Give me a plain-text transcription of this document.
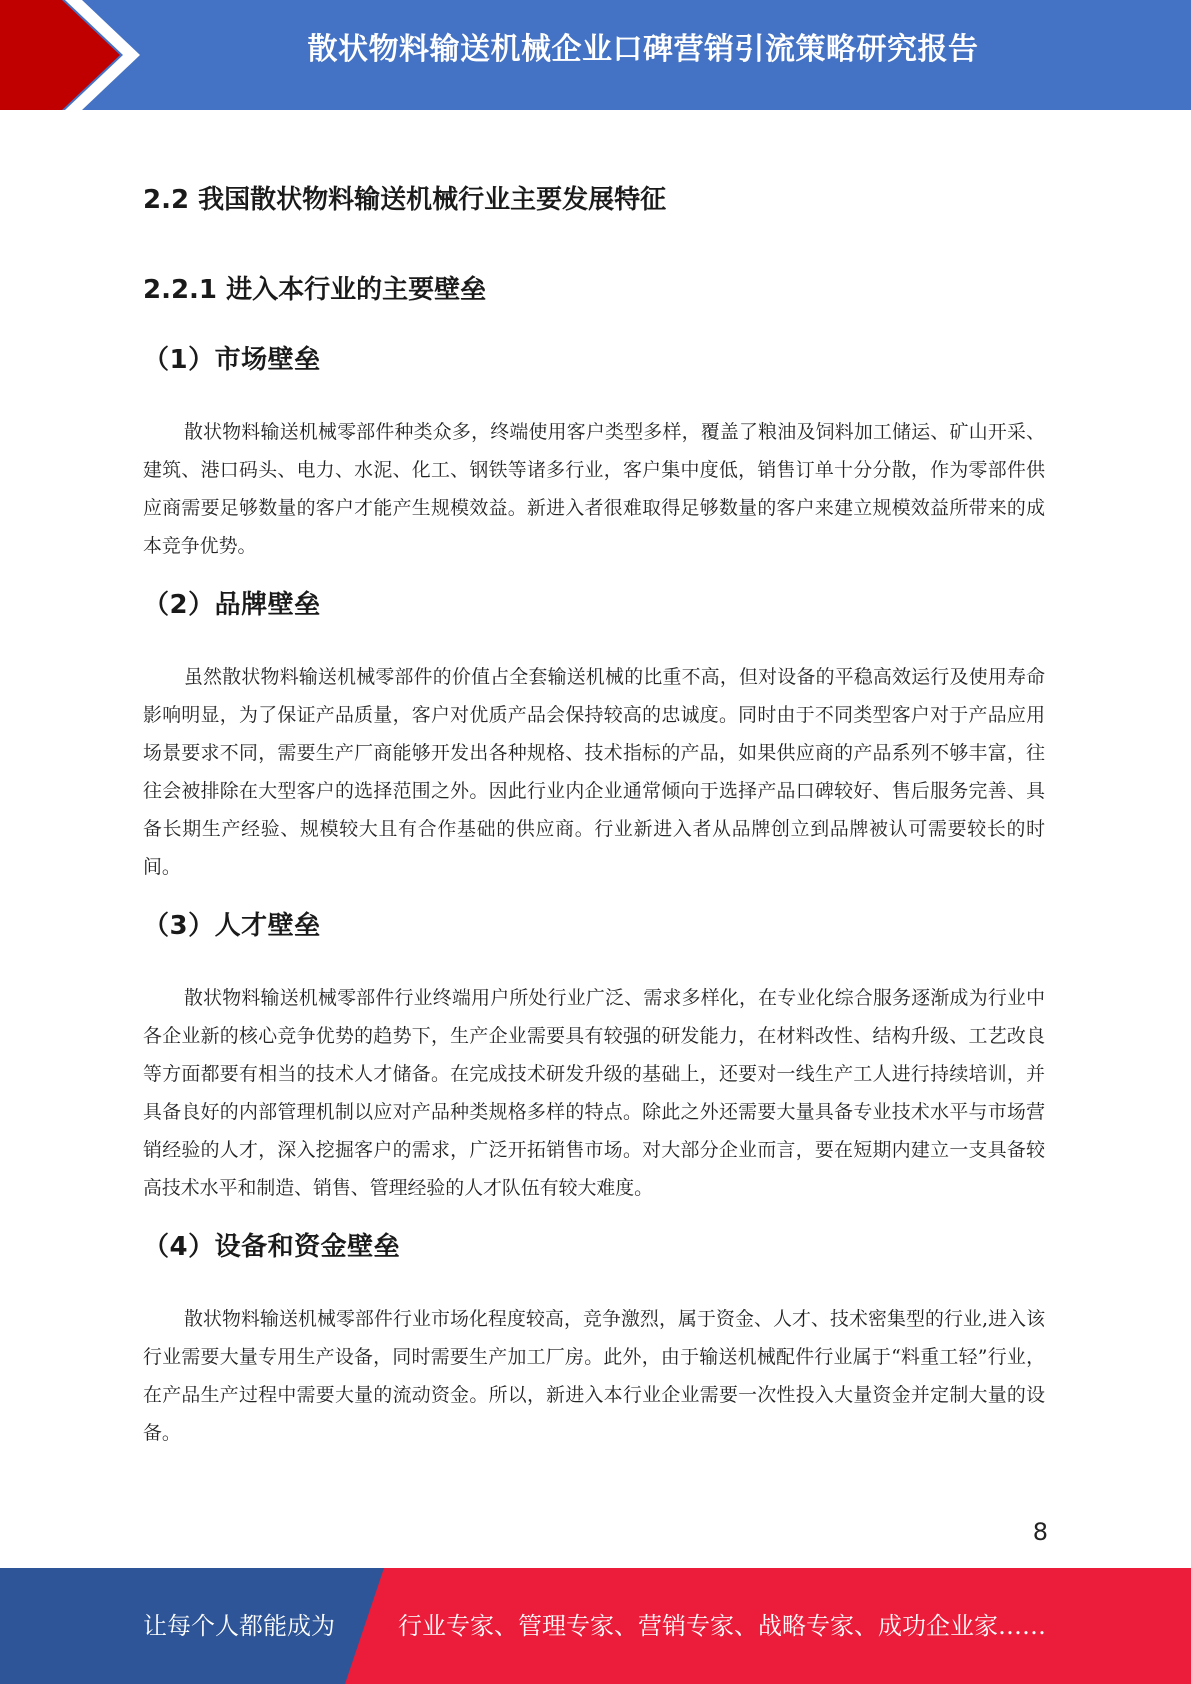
散状物料输送机械企业口碑营销引流策略研究报告
2.2 我国散状物料输送机械行业主要发展特征
2.2.1 进入本行业的主要壁垒
（1）市场壁垒

散状物料输送机械零部件种类众多，终端使用客户类型多样，覆盖了粮油及饲料加工储运、矿山开采、建筑、港口码头、电力、水泥、化工、钢铁等诸多行业，客户集中度低，销售订单十分分散，作为零部件供应商需要足够数量的客户才能产生规模效益。新进入者很难取得足够数量的客户来建立规模效益所带来的成本竞争优势。

（2）品牌壁垒

虽然散状物料输送机械零部件的价值占全套输送机械的比重不高，但对设备的平稳高效运行及使用寿命影响明显，为了保证产品质量，客户对优质产品会保持较高的忠诚度。同时由于不同类型客户对于产品应用场景要求不同，需要生产厂商能够开发出各种规格、技术指标的产品，如果供应商的产品系列不够丰富，往往会被排除在大型客户的选择范围之外。因此行业内企业通常倾向于选择产品口碑较好、售后服务完善、具备长期生产经验、规模较大且有合作基础的供应商。行业新进入者从品牌创立到品牌被认可需要较长的时间。

（3）人才壁垒

散状物料输送机械零部件行业终端用户所处行业广泛、需求多样化，在专业化综合服务逐渐成为行业中各企业新的核心竞争优势的趋势下，生产企业需要具有较强的研发能力，在材料改性、结构升级、工艺改良等方面都要有相当的技术人才储备。在完成技术研发升级的基础上，还要对一线生产工人进行持续培训，并具备良好的内部管理机制以应对产品种类规格多样的特点。除此之外还需要大量具备专业技术水平与市场营销经验的人才，深入挖掘客户的需求，广泛开拓销售市场。对大部分企业而言，要在短期内建立一支具备较高技术水平和制造、销售、管理经验的人才队伍有较大难度。

（4）设备和资金壁垒

散状物料输送机械零部件行业市场化程度较高，竞争激烈，属于资金、人才、技术密集型的行业,进入该行业需要大量专用生产设备，同时需要生产加工厂房。此外，由于输送机械配件行业属于“料重工轻”行业，在产品生产过程中需要大量的流动资金。所以，新进入本行业企业需要一次性投入大量资金并定制大量的设备。

8
让每个人都能成为	行业专家、管理专家、营销专家、战略专家、成功企业家……
